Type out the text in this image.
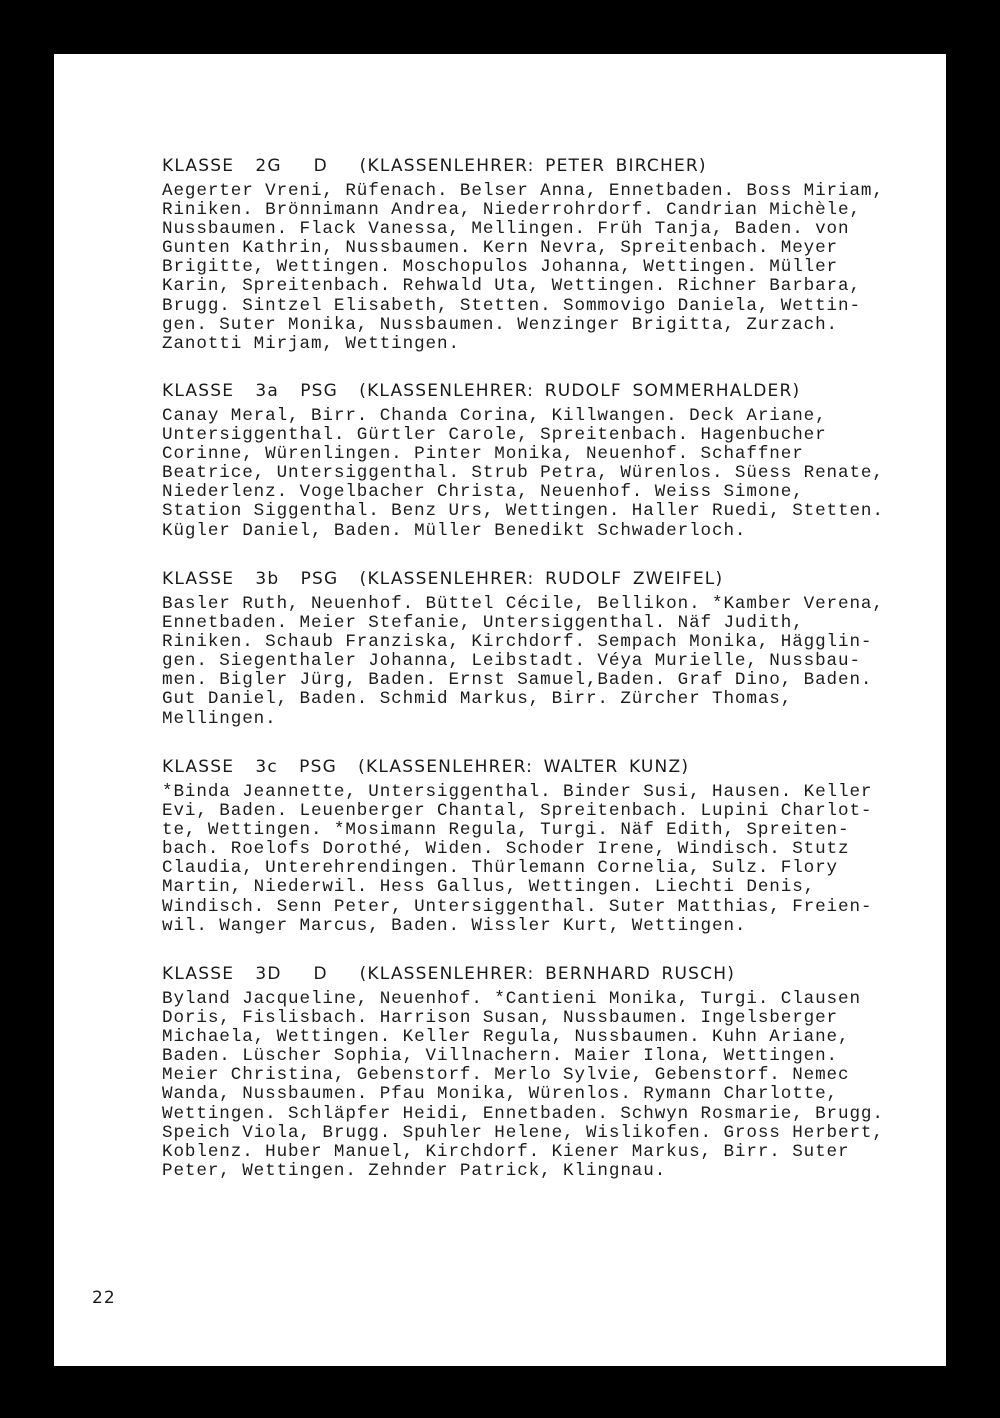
KLASSE  2G   D   (KLASSENLEHRER: PETER BIRCHER)
Aegerter Vreni, Rüfenach. Belser Anna, Ennetbaden. Boss Miriam,
Riniken. Brönnimann Andrea, Niederrohrdorf. Candrian Michèle,
Nussbaumen. Flack Vanessa, Mellingen. Früh Tanja, Baden. von
Gunten Kathrin, Nussbaumen. Kern Nevra, Spreitenbach. Meyer
Brigitte, Wettingen. Moschopulos Johanna, Wettingen. Müller
Karin, Spreitenbach. Rehwald Uta, Wettingen. Richner Barbara,
Brugg. Sintzel Elisabeth, Stetten. Sommovigo Daniela, Wettin-
gen. Suter Monika, Nussbaumen. Wenzinger Brigitta, Zurzach.
Zanotti Mirjam, Wettingen.
KLASSE  3a  PSG  (KLASSENLEHRER: RUDOLF SOMMERHALDER)
Canay Meral, Birr. Chanda Corina, Killwangen. Deck Ariane,
Untersiggenthal. Gürtler Carole, Spreitenbach. Hagenbucher
Corinne, Würenlingen. Pinter Monika, Neuenhof. Schaffner
Beatrice, Untersiggenthal. Strub Petra, Würenlos. Süess Renate,
Niederlenz. Vogelbacher Christa, Neuenhof. Weiss Simone,
Station Siggenthal. Benz Urs, Wettingen. Haller Ruedi, Stetten.
Kügler Daniel, Baden. Müller Benedikt Schwaderloch.
KLASSE  3b  PSG  (KLASSENLEHRER: RUDOLF ZWEIFEL)
Basler Ruth, Neuenhof. Büttel Cécile, Bellikon. *Kamber Verena,
Ennetbaden. Meier Stefanie, Untersiggenthal. Näf Judith,
Riniken. Schaub Franziska, Kirchdorf. Sempach Monika, Hägglin-
gen. Siegenthaler Johanna, Leibstadt. Véya Murielle, Nussbau-
men. Bigler Jürg, Baden. Ernst Samuel,Baden. Graf Dino, Baden.
Gut Daniel, Baden. Schmid Markus, Birr. Zürcher Thomas,
Mellingen.
KLASSE  3c  PSG  (KLASSENLEHRER: WALTER KUNZ)
*Binda Jeannette, Untersiggenthal. Binder Susi, Hausen. Keller
Evi, Baden. Leuenberger Chantal, Spreitenbach. Lupini Charlot-
te, Wettingen. *Mosimann Regula, Turgi. Näf Edith, Spreiten-
bach. Roelofs Dorothé, Widen. Schoder Irene, Windisch. Stutz
Claudia, Unterehrendingen. Thürlemann Cornelia, Sulz. Flory
Martin, Niederwil. Hess Gallus, Wettingen. Liechti Denis,
Windisch. Senn Peter, Untersiggenthal. Suter Matthias, Freien-
wil. Wanger Marcus, Baden. Wissler Kurt, Wettingen.
KLASSE  3D   D   (KLASSENLEHRER: BERNHARD RUSCH)
Byland Jacqueline, Neuenhof. *Cantieni Monika, Turgi. Clausen
Doris, Fislisbach. Harrison Susan, Nussbaumen. Ingelsberger
Michaela, Wettingen. Keller Regula, Nussbaumen. Kuhn Ariane,
Baden. Lüscher Sophia, Villnachern. Maier Ilona, Wettingen.
Meier Christina, Gebenstorf. Merlo Sylvie, Gebenstorf. Nemec
Wanda, Nussbaumen. Pfau Monika, Würenlos. Rymann Charlotte,
Wettingen. Schläpfer Heidi, Ennetbaden. Schwyn Rosmarie, Brugg.
Speich Viola, Brugg. Spuhler Helene, Wislikofen. Gross Herbert,
Koblenz. Huber Manuel, Kirchdorf. Kiener Markus, Birr. Suter
Peter, Wettingen. Zehnder Patrick, Klingnau.
22
